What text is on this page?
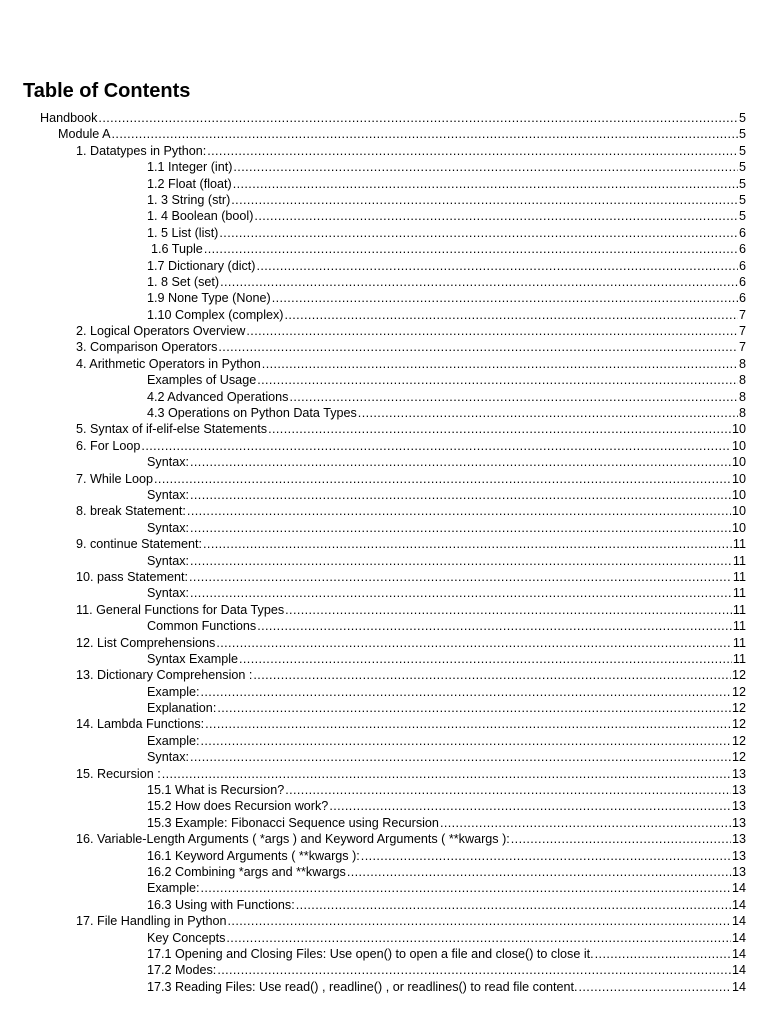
Table of Contents
Handbook .....	5
Module A .....	5
1. Datatypes in Python: .....	5
1.1 Integer (int) .....	5
1.2 Float (float) .....	5
1. 3 String (str) .....	5
1. 4 Boolean (bool) .....	5
1. 5 List (list) .....	6
1.6 Tuple .....	6
1.7 Dictionary (dict) .....	6
1. 8 Set (set) .....	6
1.9 None Type (None) .....	6
1.10 Complex (complex) .....	7
2. Logical Operators Overview .....	7
3. Comparison Operators .....	7
4. Arithmetic Operators in Python .....	8
Examples of Usage .....	8
4.2 Advanced Operations .....	8
4.3 Operations on Python Data Types .....	8
5. Syntax of if-elif-else Statements .....	10
6. For Loop .....	10
Syntax: .....	10
7. While Loop .....	10
Syntax: .....	10
8. break Statement: .....	10
Syntax: .....	10
9. continue Statement: .....	11
Syntax: .....	11
10. pass Statement: .....	11
Syntax: .....	11
11. General Functions for Data Types .....	11
Common Functions .....	11
12. List Comprehensions .....	11
Syntax Example .....	11
13. Dictionary Comprehension : .....	12
Example: .....	12
Explanation: .....	12
14. Lambda Functions: .....	12
Example: .....	12
Syntax: .....	12
15. Recursion : .....	13
15.1 What is Recursion? .....	13
15.2 How does Recursion work? .....	13
15.3 Example: Fibonacci Sequence using Recursion .....	13
16. Variable-Length Arguments ( *args ) and Keyword Arguments ( **kwargs ): .....	13
16.1 Keyword Arguments ( **kwargs ): .....	13
16.2 Combining *args and **kwargs .....	13
Example: .....	14
16.3 Using with Functions: .....	14
17. File Handling in Python .....	14
Key Concepts .....	14
17.1 Opening and Closing Files: Use open() to open a file and close() to close it. .....	14
17.2 Modes: .....	14
17.3 Reading Files: Use read() , readline() , or readlines() to read file content. .....	14
